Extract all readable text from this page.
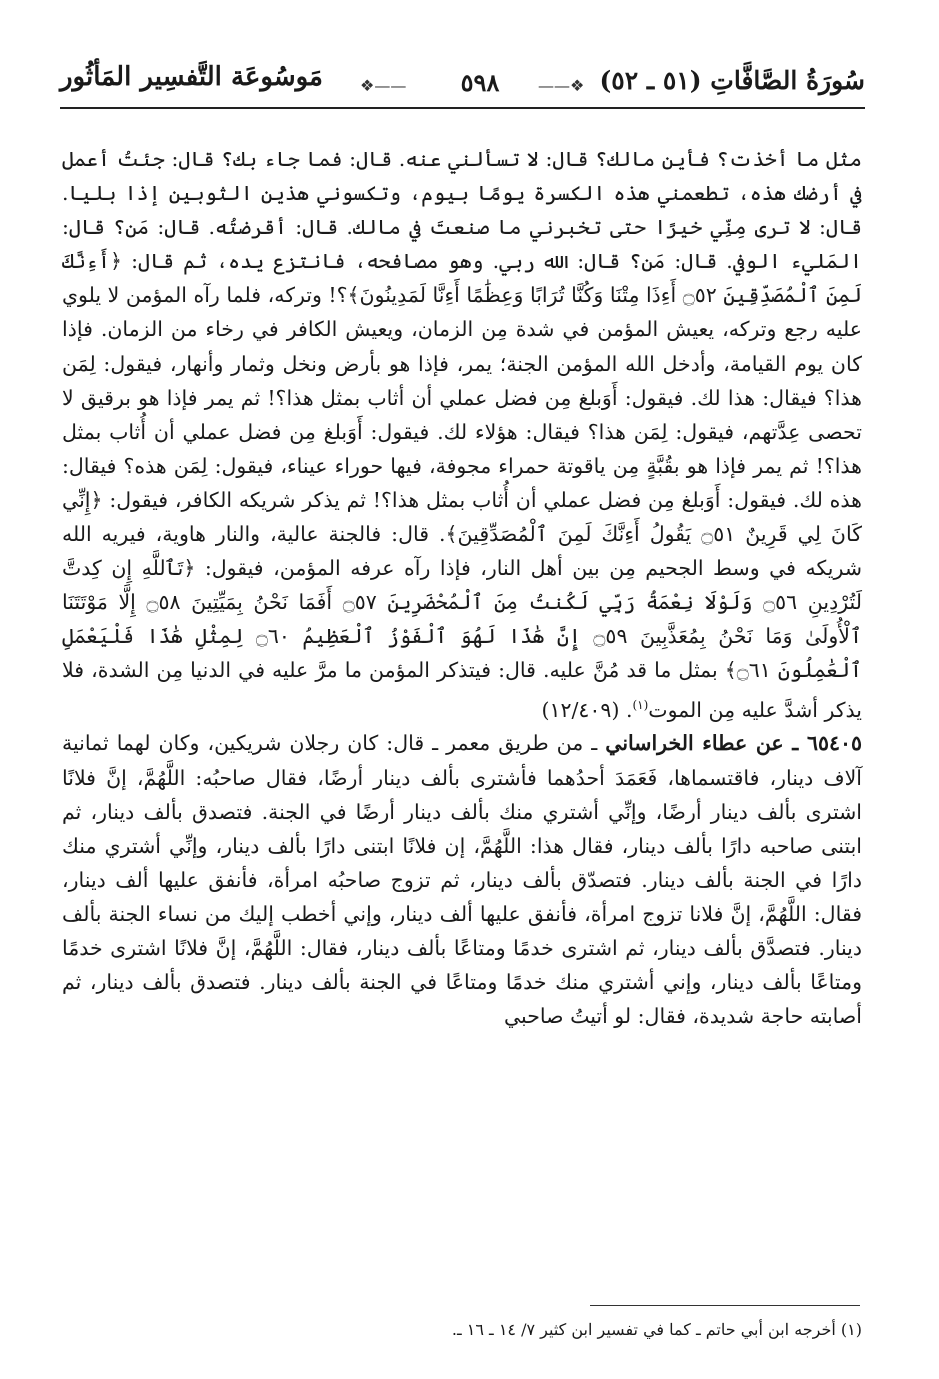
سُورَةُ الصَّافَّاتِ (٥١ ـ ٥٢)
❖——	٥٩٨	——❖
مَوسُوعَة التَّفسِير المَأثُور

مثل ما أخذت؟ فأين مالك؟ قال: لا تسألني عنه. قال: فما جاء بك؟ قال: جئتُ أعمل في أرضك هذه، تطعمني هذه الكسرة يومًا بيوم، وتكسوني هذين الثوبين إذا بليا. قال: لا ترى مِنِّي خيرًا حتى تخبرني ما صنعتَ في مالك. قال: أقرضتُه. قال: مَن؟ قال: المَليء الوفي. قال: مَن؟ قال: الله ربي. وهو مصافحه، فانتزع يده، ثم قال: ﴿أَءِنَّكَ لَمِنَ ٱلْمُصَدِّقِينَ ۝٥٢ أَءِذَا مِتْنَا وَكُنَّا تُرَابًا وَعِظَٰمًا أَءِنَّا لَمَدِينُونَ﴾؟! وتركه، فلما رآه المؤمن لا يلوي عليه رجع وتركه، يعيش المؤمن في شدة مِن الزمان، ويعيش الكافر في رخاء من الزمان. فإذا كان يوم القيامة، وأدخل الله المؤمن الجنة؛ يمر، فإذا هو بأرض ونخل وثمار وأنهار، فيقول: لِمَن هذا؟ فيقال: هذا لك. فيقول: أَوَبلغ مِن فضل عملي أن أثاب بمثل هذا؟! ثم يمر فإذا هو برقيق لا تحصى عِدَّتهم، فيقول: لِمَن هذا؟ فيقال: هؤلاء لك. فيقول: أَوَبلغ مِن فضل عملي أن أُثاب بمثل هذا؟! ثم يمر فإذا هو بقُبَّةٍ مِن ياقوتة حمراء مجوفة، فيها حوراء عيناء، فيقول: لِمَن هذه؟ فيقال: هذه لك. فيقول: أَوَبلغ مِن فضل عملي أن أُثاب بمثل هذا؟! ثم يذكر شريكه الكافر، فيقول: ﴿إِنِّي كَانَ لِي قَرِينٌ ۝٥١ يَقُولُ أَءِنَّكَ لَمِنَ ٱلْمُصَدِّقِينَ﴾. قال: فالجنة عالية، والنار هاوية، فيريه الله شريكه في وسط الجحيم مِن بين أهل النار، فإذا رآه عرفه المؤمن، فيقول: ﴿تَٱللَّهِ إِن كِدتَّ لَتُرْدِينِ ۝٥٦ وَلَوْلَا نِعْمَةُ رَبِّي لَكُنتُ مِنَ ٱلْمُحْضَرِينَ ۝٥٧ أَفَمَا نَحْنُ بِمَيِّتِينَ ۝٥٨ إِلَّا مَوْتَتَنَا ٱلْأُولَىٰ وَمَا نَحْنُ بِمُعَذَّبِينَ ۝٥٩ إِنَّ هَٰذَا لَهُوَ ٱلْفَوْزُ ٱلْعَظِيمُ ۝٦٠ لِمِثْلِ هَٰذَا فَلْيَعْمَلِ ٱلْعَٰمِلُونَ ۝٦١﴾ بمثل ما قد مُنَّ عليه. قال: فيتذكر المؤمن ما مرَّ عليه في الدنيا مِن الشدة، فلا يذكر أشدَّ عليه مِن الموت$^{(١)}$. (١٢/٤٠٩)

٦٥٤٠٥ ـ عن عطاء الخراساني ـ من طريق معمر ـ قال: كان رجلان شريكين، وكان لهما ثمانية آلاف دينار، فاقتسماها، فَعَمَدَ أحدُهما فأشترى بألف دينار أرضًا، فقال صاحبُه: اللَّهُمَّ، إنَّ فلانًا اشترى بألف دينار أرضًا، وإنِّي أشتري منك بألف دينار أرضًا في الجنة. فتصدق بألف دينار، ثم ابتنى صاحبه دارًا بألف دينار، فقال هذا: اللَّهُمَّ، إن فلانًا ابتنى دارًا بألف دينار، وإنِّي أشتري منك دارًا في الجنة بألف دينار. فتصدّق بألف دينار، ثم تزوج صاحبُه امرأة، فأنفق عليها ألف دينار، فقال: اللَّهُمَّ، إنَّ فلانا تزوج امرأة، فأنفق عليها ألف دينار، وإني أخطب إليك من نساء الجنة بألف دينار. فتصدَّق بألف دينار، ثم اشترى خدمًا ومتاعًا بألف دينار، فقال: اللَّهُمَّ، إنَّ فلانًا اشترى خدمًا ومتاعًا بألف دينار، وإني أشتري منك خدمًا ومتاعًا في الجنة بألف دينار. فتصدق بألف دينار، ثم أصابته حاجة شديدة، فقال: لو أتيتُ صاحبي

(١) أخرجه ابن أبي حاتم ـ كما في تفسير ابن كثير ٧/ ١٤ ـ ١٦ ـ.
